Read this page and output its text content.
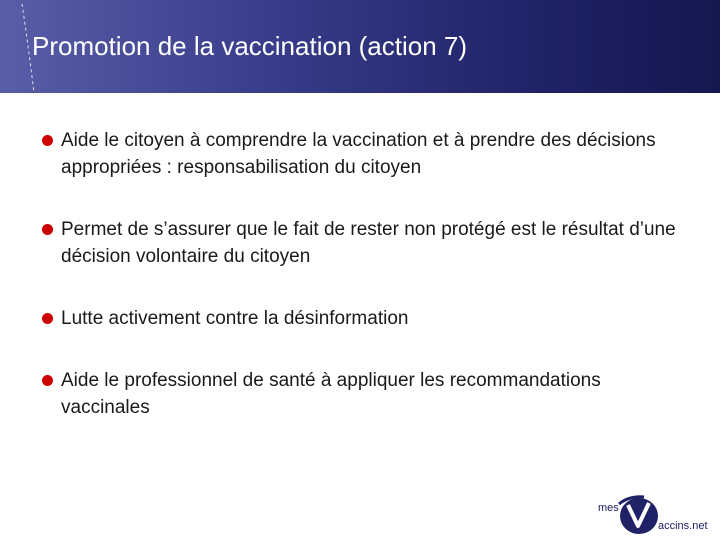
Promotion de la vaccination (action 7)
Aide le citoyen à comprendre la vaccination et à prendre des décisions appropriées : responsabilisation du citoyen
Permet de s’assurer que le fait de rester non protégé est le résultat d’une décision volontaire du citoyen
Lutte activement contre la désinformation
Aide le professionnel de santé à appliquer les recommandations vaccinales
mes
accins.net
